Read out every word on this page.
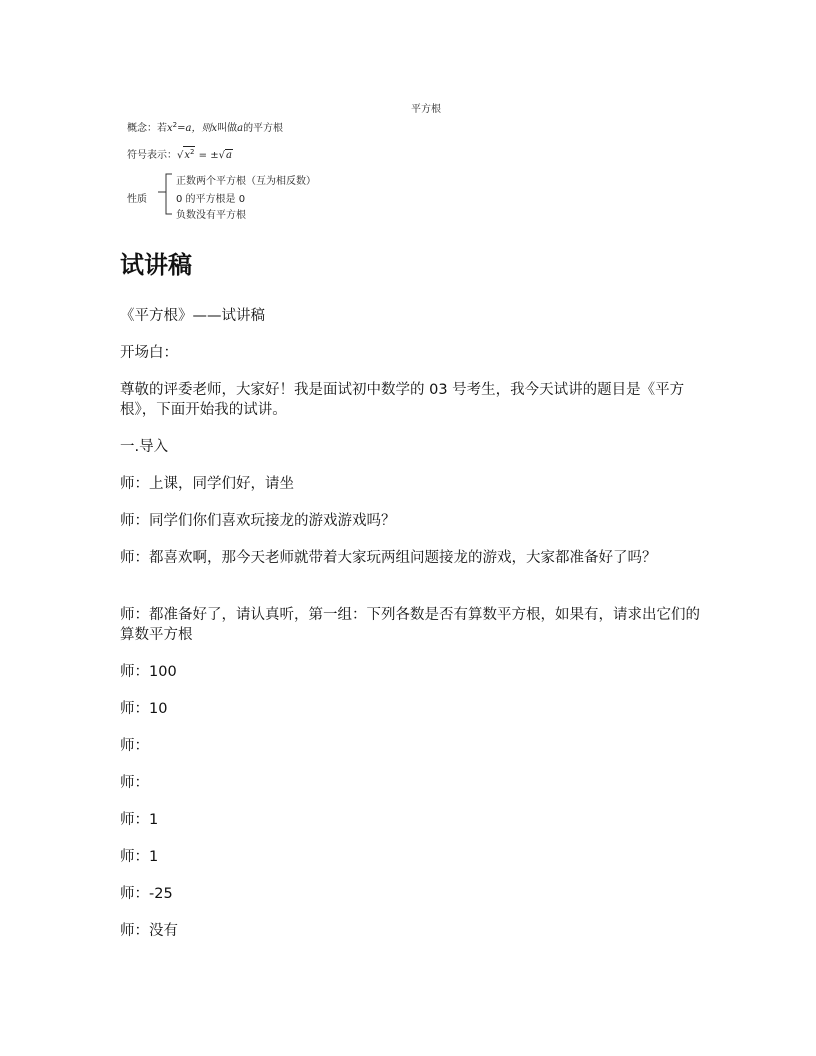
平方根
概念：若$x^2=a$，则x叫做a的平方根
符号表示：$√x^2 = \pm√a$
性质
正数两个平方根（互为相反数）
0 的平方根是 0
负数没有平方根
试讲稿

《平方根》——试讲稿

开场白：

尊敬的评委老师，大家好！我是面试初中数学的 03 号考生，我今天试讲的题目是《平方根》，下面开始我的试讲。

一.导入

师：上课，同学们好，请坐

师：同学们你们喜欢玩接龙的游戏游戏吗？

师：都喜欢啊，那今天老师就带着大家玩两组问题接龙的游戏，大家都准备好了吗？

师：都准备好了，请认真听，第一组：下列各数是否有算数平方根，如果有，请求出它们的算数平方根

师：100

师：10

师：

师：

师：1

师：1

师：-25

师：没有
